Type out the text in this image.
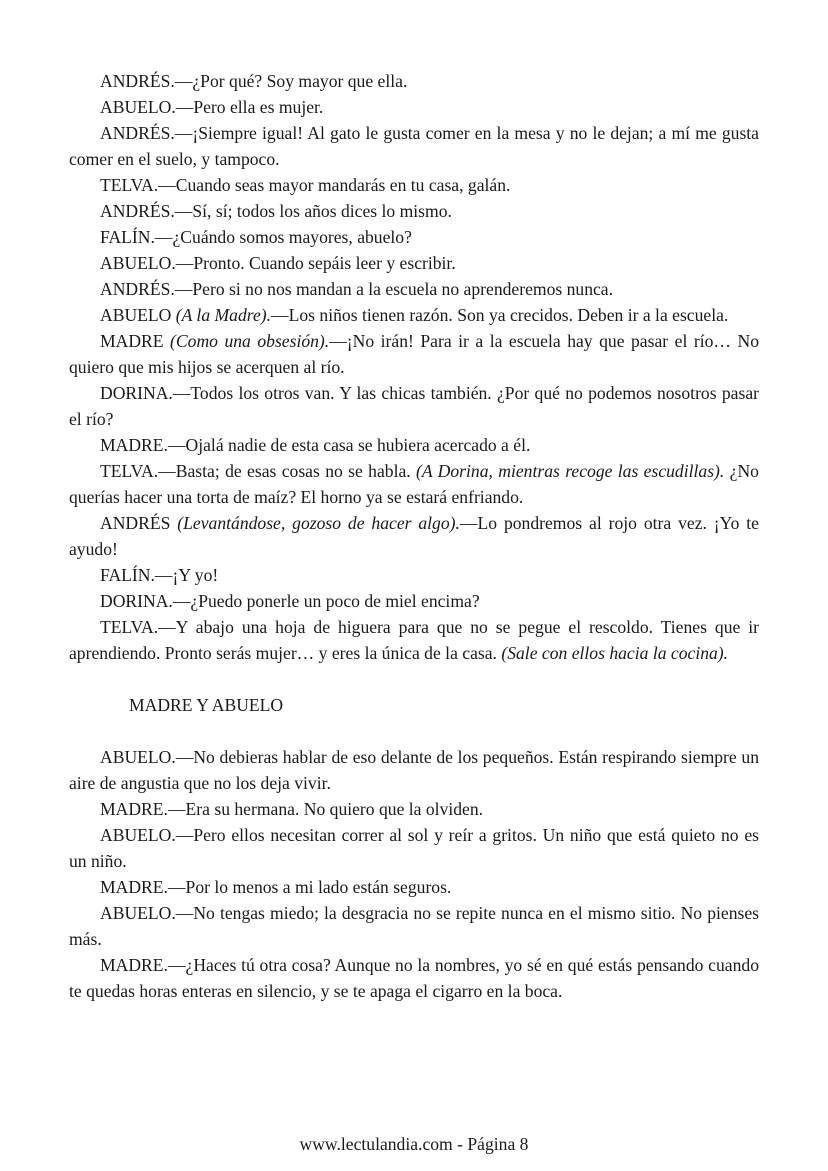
ANDRÉS.—¿Por qué? Soy mayor que ella.

ABUELO.—Pero ella es mujer.

ANDRÉS.—¡Siempre igual! Al gato le gusta comer en la mesa y no le dejan; a mí me gusta comer en el suelo, y tampoco.

TELVA.—Cuando seas mayor mandarás en tu casa, galán.

ANDRÉS.—Sí, sí; todos los años dices lo mismo.

FALÍN.—¿Cuándo somos mayores, abuelo?

ABUELO.—Pronto. Cuando sepáis leer y escribir.

ANDRÉS.—Pero si no nos mandan a la escuela no aprenderemos nunca.

ABUELO (A la Madre).—Los niños tienen razón. Son ya crecidos. Deben ir a la escuela.

MADRE (Como una obsesión).—¡No irán! Para ir a la escuela hay que pasar el río… No quiero que mis hijos se acerquen al río.

DORINA.—Todos los otros van. Y las chicas también. ¿Por qué no podemos nosotros pasar el río?

MADRE.—Ojalá nadie de esta casa se hubiera acercado a él.

TELVA.—Basta; de esas cosas no se habla. (A Dorina, mientras recoge las escudillas). ¿No querías hacer una torta de maíz? El horno ya se estará enfriando.

ANDRÉS (Levantándose, gozoso de hacer algo).—Lo pondremos al rojo otra vez. ¡Yo te ayudo!

FALÍN.—¡Y yo!

DORINA.—¿Puedo ponerle un poco de miel encima?

TELVA.—Y abajo una hoja de higuera para que no se pegue el rescoldo. Tienes que ir aprendiendo. Pronto serás mujer… y eres la única de la casa. (Sale con ellos hacia la cocina).

MADRE Y ABUELO

ABUELO.—No debieras hablar de eso delante de los pequeños. Están respirando siempre un aire de angustia que no los deja vivir.

MADRE.—Era su hermana. No quiero que la olviden.

ABUELO.—Pero ellos necesitan correr al sol y reír a gritos. Un niño que está quieto no es un niño.

MADRE.—Por lo menos a mi lado están seguros.

ABUELO.—No tengas miedo; la desgracia no se repite nunca en el mismo sitio. No pienses más.

MADRE.—¿Haces tú otra cosa? Aunque no la nombres, yo sé en qué estás pensando cuando te quedas horas enteras en silencio, y se te apaga el cigarro en la boca.

www.lectulandia.com - Página 8
